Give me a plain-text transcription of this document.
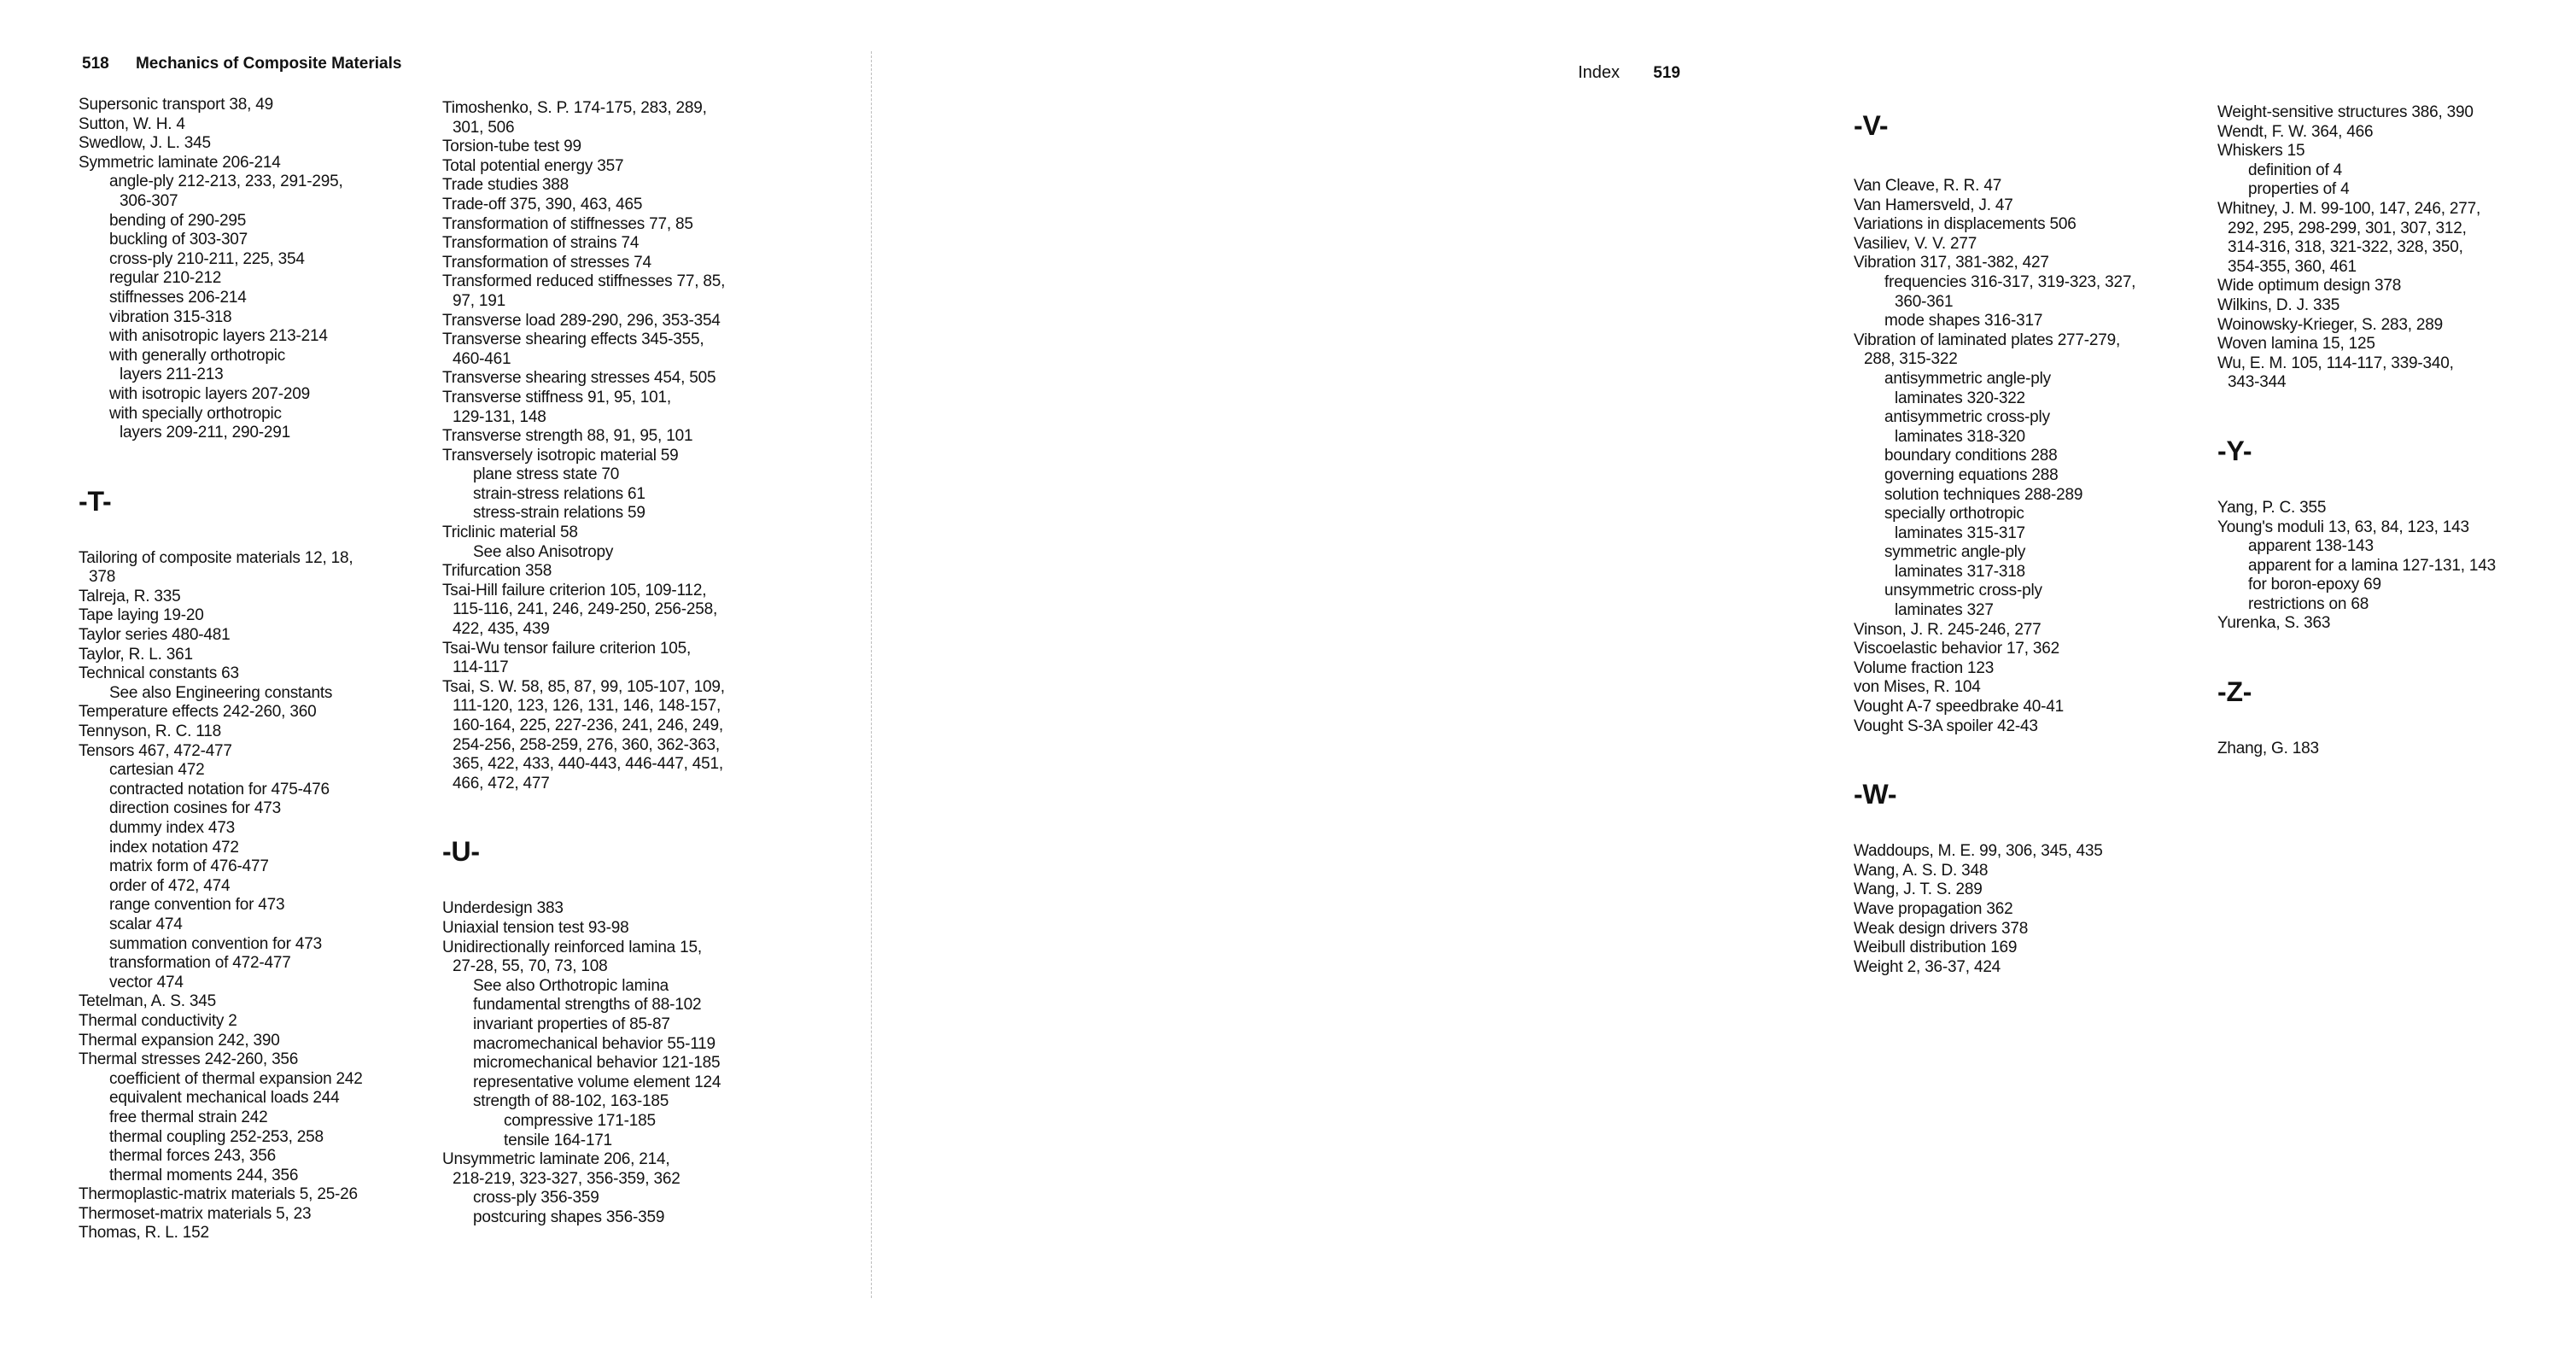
518 Mechanics of Composite Materials
Supersonic transport 38, 49
Sutton, W. H. 4
Swedlow, J. L. 345
Symmetric laminate 206-214
angle-ply 212-213, 233, 291-295,
306-307
bending of 290-295
buckling of 303-307
cross-ply 210-211, 225, 354
regular 210-212
stiffnesses 206-214
vibration 315-318
with anisotropic layers 213-214
with generally orthotropic
layers 211-213
with isotropic layers 207-209
with specially orthotropic
layers 209-211, 290-291
-T-
Tailoring of composite materials 12, 18,
378
Talreja, R. 335
Tape laying 19-20
Taylor series 480-481
Taylor, R. L. 361
Technical constants 63
See also Engineering constants
Temperature effects 242-260, 360
Tennyson, R. C. 118
Tensors 467, 472-477
cartesian 472
contracted notation for 475-476
direction cosines for 473
dummy index 473
index notation 472
matrix form of 476-477
order of 472, 474
range convention for 473
scalar 474
summation convention for 473
transformation of 472-477
vector 474
Tetelman, A. S. 345
Thermal conductivity 2
Thermal expansion 242, 390
Thermal stresses 242-260, 356
coefficient of thermal expansion 242
equivalent mechanical loads 244
free thermal strain 242
thermal coupling 252-253, 258
thermal forces 243, 356
thermal moments 244, 356
Thermoplastic-matrix materials 5, 25-26
Thermoset-matrix materials 5, 23
Thomas, R. L. 152
Timoshenko, S. P. 174-175, 283, 289,
301, 506
Torsion-tube test 99
Total potential energy 357
Trade studies 388
Trade-off 375, 390, 463, 465
Transformation of stiffnesses 77, 85
Transformation of strains 74
Transformation of stresses 74
Transformed reduced stiffnesses 77, 85,
97, 191
Transverse load 289-290, 296, 353-354
Transverse shearing effects 345-355,
460-461
Transverse shearing stresses 454, 505
Transverse stiffness 91, 95, 101,
129-131, 148
Transverse strength 88, 91, 95, 101
Transversely isotropic material 59
plane stress state 70
strain-stress relations 61
stress-strain relations 59
Triclinic material 58
See also Anisotropy
Trifurcation 358
Tsai-Hill failure criterion 105, 109-112,
115-116, 241, 246, 249-250, 256-258,
422, 435, 439
Tsai-Wu tensor failure criterion 105,
114-117
Tsai, S. W. 58, 85, 87, 99, 105-107, 109,
111-120, 123, 126, 131, 146, 148-157,
160-164, 225, 227-236, 241, 246, 249,
254-256, 258-259, 276, 360, 362-363,
365, 422, 433, 440-443, 446-447, 451,
466, 472, 477
-U-
Underdesign 383
Uniaxial tension test 93-98
Unidirectionally reinforced lamina 15,
27-28, 55, 70, 73, 108
See also Orthotropic lamina
fundamental strengths of 88-102
invariant properties of 85-87
macromechanical behavior 55-119
micromechanical behavior 121-185
representative volume element 124
strength of 88-102, 163-185
compressive 171-185
tensile 164-171
Unsymmetric laminate 206, 214,
218-219, 323-327, 356-359, 362
cross-ply 356-359
postcuring shapes 356-359
Index 519
-V-
Van Cleave, R. R. 47
Van Hamersveld, J. 47
Variations in displacements 506
Vasiliev, V. V. 277
Vibration 317, 381-382, 427
frequencies 316-317, 319-323, 327,
360-361
mode shapes 316-317
Vibration of laminated plates 277-279,
288, 315-322
antisymmetric angle-ply
laminates 320-322
antisymmetric cross-ply
laminates 318-320
boundary conditions 288
governing equations 288
solution techniques 288-289
specially orthotropic
laminates 315-317
symmetric angle-ply
laminates 317-318
unsymmetric cross-ply
laminates 327
Vinson, J. R. 245-246, 277
Viscoelastic behavior 17, 362
Volume fraction 123
von Mises, R. 104
Vought A-7 speedbrake 40-41
Vought S-3A spoiler 42-43
-W-
Waddoups, M. E. 99, 306, 345, 435
Wang, A. S. D. 348
Wang, J. T. S. 289
Wave propagation 362
Weak design drivers 378
Weibull distribution 169
Weight 2, 36-37, 424
Weight-sensitive structures 386, 390
Wendt, F. W. 364, 466
Whiskers 15
definition of 4
properties of 4
Whitney, J. M. 99-100, 147, 246, 277,
292, 295, 298-299, 301, 307, 312,
314-316, 318, 321-322, 328, 350,
354-355, 360, 461
Wide optimum design 378
Wilkins, D. J. 335
Woinowsky-Krieger, S. 283, 289
Woven lamina 15, 125
Wu, E. M. 105, 114-117, 339-340,
343-344
-Y-
Yang, P. C. 355
Young's moduli 13, 63, 84, 123, 143
apparent 138-143
apparent for a lamina 127-131, 143
for boron-epoxy 69
restrictions on 68
Yurenka, S. 363
-Z-
Zhang, G. 183
